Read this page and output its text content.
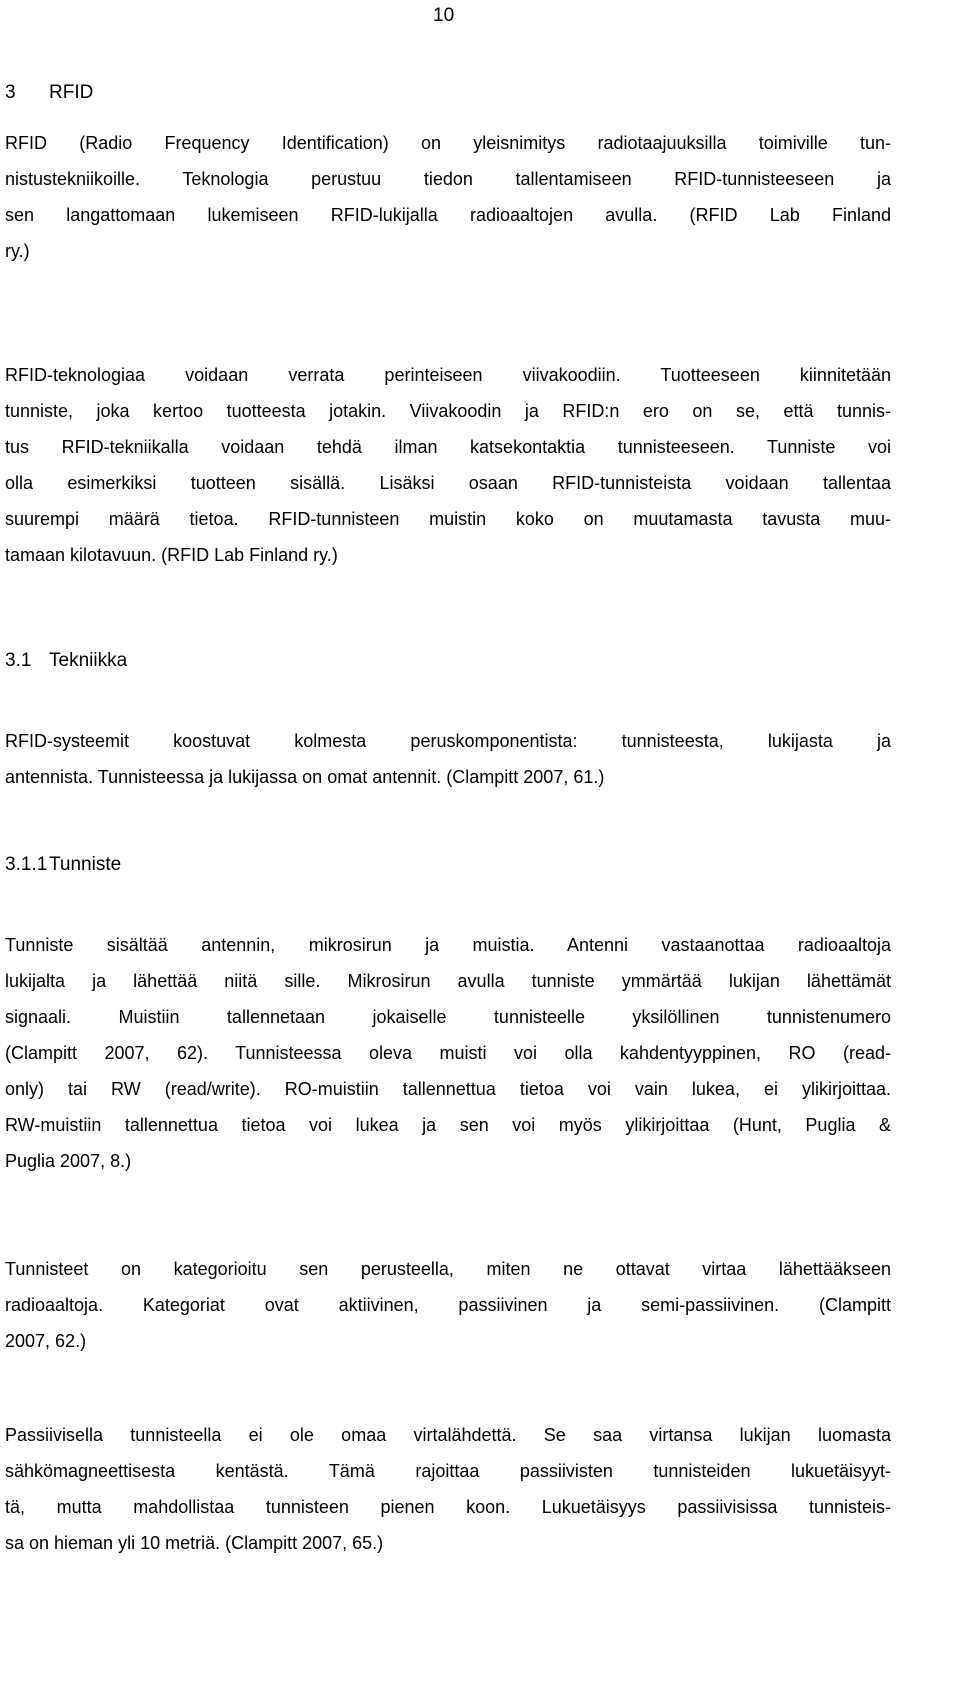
10
3 RFID
RFID (Radio Frequency Identification) on yleisnimitys radiotaajuuksilla toimiville tun-
nistustekniikoille. Teknologia perustuu tiedon tallentamiseen RFID-tunnisteeseen ja
sen langattomaan lukemiseen RFID-lukijalla radioaaltojen avulla. (RFID Lab Finland
ry.)
RFID-teknologiaa voidaan verrata perinteiseen viivakoodiin. Tuotteeseen kiinnitetään
tunniste, joka kertoo tuotteesta jotakin. Viivakoodin ja RFID:n ero on se, että tunnis-
tus RFID-tekniikalla voidaan tehdä ilman katsekontaktia tunnisteeseen. Tunniste voi
olla esimerkiksi tuotteen sisällä. Lisäksi osaan RFID-tunnisteista voidaan tallentaa
suurempi määrä tietoa. RFID-tunnisteen muistin koko on muutamasta tavusta muu-
tamaan kilotavuun. (RFID Lab Finland ry.)
3.1 Tekniikka
RFID-systeemit koostuvat kolmesta peruskomponentista: tunnisteesta, lukijasta ja
antennista. Tunnisteessa ja lukijassa on omat antennit. (Clampitt 2007, 61.)
3.1.1Tunniste
Tunniste sisältää antennin, mikrosirun ja muistia. Antenni vastaanottaa radioaaltoja
lukijalta ja lähettää niitä sille. Mikrosirun avulla tunniste ymmärtää lukijan lähettämät
signaali. Muistiin tallennetaan jokaiselle tunnisteelle yksilöllinen tunnistenumero
(Clampitt 2007, 62). Tunnisteessa oleva muisti voi olla kahdentyyppinen, RO (read-
only) tai RW (read/write). RO-muistiin tallennettua tietoa voi vain lukea, ei ylikirjoittaa.
RW-muistiin tallennettua tietoa voi lukea ja sen voi myös ylikirjoittaa (Hunt, Puglia &
Puglia 2007, 8.)
Tunnisteet on kategorioitu sen perusteella, miten ne ottavat virtaa lähettääkseen
radioaaltoja. Kategoriat ovat aktiivinen, passiivinen ja semi-passiivinen. (Clampitt
2007, 62.)
Passiivisella tunnisteella ei ole omaa virtalähdettä. Se saa virtansa lukijan luomasta
sähkömagneettisesta kentästä. Tämä rajoittaa passiivisten tunnisteiden lukuetäisyyt-
tä, mutta mahdollistaa tunnisteen pienen koon. Lukuetäisyys passiivisissa tunnisteis-
sa on hieman yli 10 metriä. (Clampitt 2007, 65.)
